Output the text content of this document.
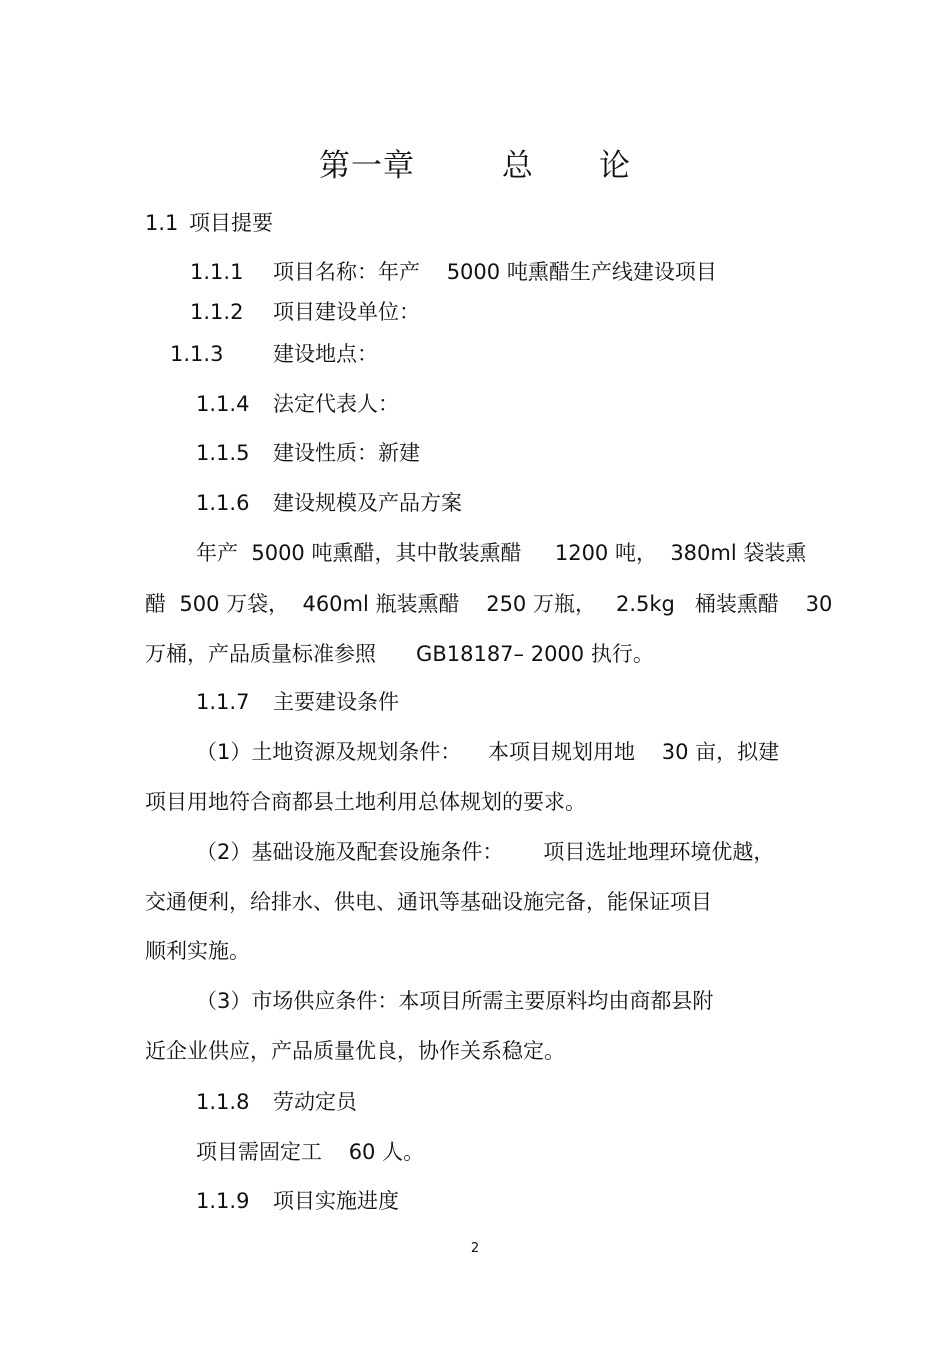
第一章        总      论
1.1 项目提要
1.1.1 项目名称：年产    5000 吨熏醋生产线建设项目
1.1.2 项目建设单位：
1.1.3 建设地点：
1.1.4 法定代表人：
1.1.5 建设性质：新建
1.1.6 建设规模及产品方案
年产  5000 吨熏醋，其中散装熏醋     1200 吨，  380ml 袋装熏
醋  500 万袋，  460ml 瓶装熏醋    250 万瓶，   2.5kg   桶装熏醋    30
万桶，产品质量标准参照      GB18187– 2000 执行。
1.1.7 主要建设条件
（1）土地资源及规划条件：    本项目规划用地    30 亩，拟建
项目用地符合商都县土地利用总体规划的要求。
（2）基础设施及配套设施条件：      项目选址地理环境优越，
交通便利，给排水、供电、通讯等基础设施完备，能保证项目
顺利实施。
（3）市场供应条件：本项目所需主要原料均由商都县附
近企业供应，产品质量优良，协作关系稳定。
1.1.8 劳动定员
项目需固定工    60 人。
1.1.9 项目实施进度
2
